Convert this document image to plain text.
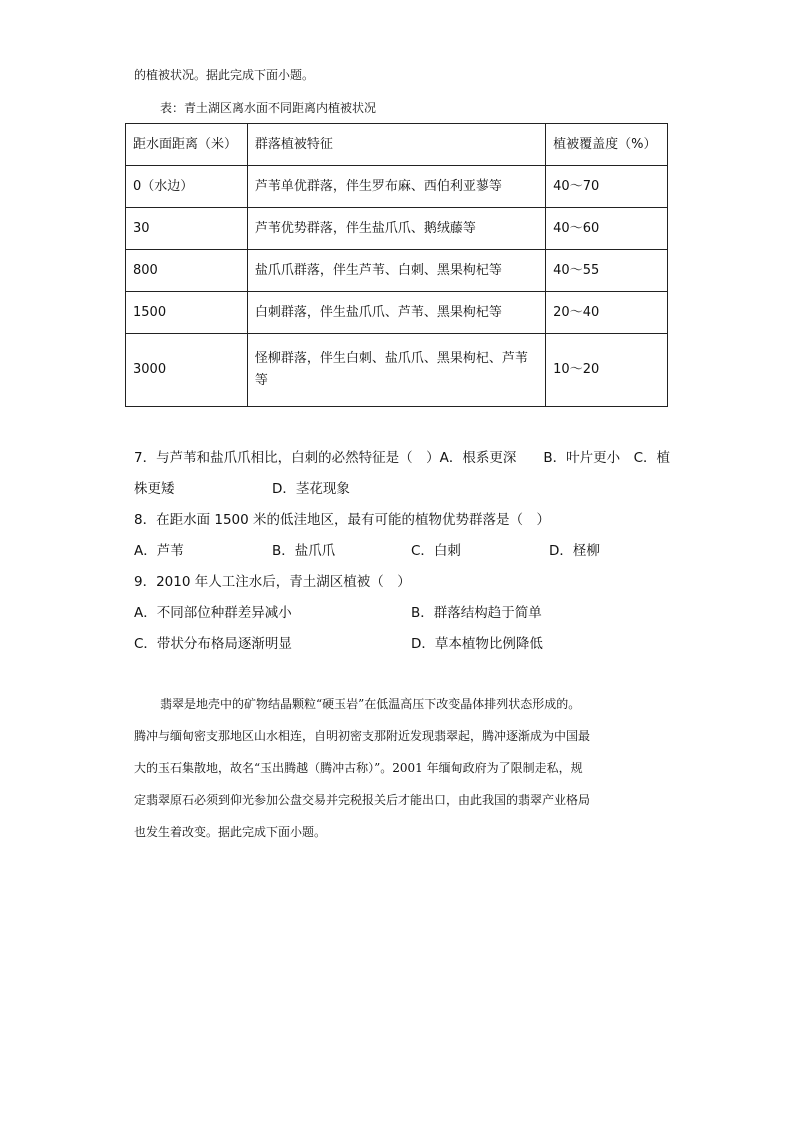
的植被状况。据此完成下面小题。
表：青土湖区离水面不同距离内植被状况
距水面距离（米）	群落植被特征	植被覆盖度（%）
0（水边）	芦苇单优群落，伴生罗布麻、西伯利亚蓼等	40～70
30	芦苇优势群落，伴生盐爪爪、鹅绒藤等	40～60
800	盐爪爪群落，伴生芦苇、白刺、黑果枸杞等	40～55
1500	白刺群落，伴生盐爪爪、芦苇、黑果枸杞等	20～40
3000	怪柳群落，伴生白刺、盐爪爪、黑果枸杞、芦苇等	10～20
7．与芦苇和盐爪爪相比，白刺的必然特征是（　）A．根系更深　　B．叶片更小　C．植
株更矮	D．茎花现象
8．在距水面 1500 米的低洼地区，最有可能的植物优势群落是（　）
A．芦苇	B．盐爪爪	C．白刺	D．柽柳
9．2010 年人工注水后，青土湖区植被（　）
A．不同部位种群差异减小	B．群落结构趋于简单
C．带状分布格局逐渐明显	D．草本植物比例降低
翡翠是地壳中的矿物结晶颗粒“硬玉岩”在低温高压下改变晶体排列状态形成的。
腾冲与缅甸密支那地区山水相连，自明初密支那附近发现翡翠起，腾冲逐渐成为中国最
大的玉石集散地，故名“玉出腾越（腾冲古称）”。2001 年缅甸政府为了限制走私，规
定翡翠原石必须到仰光参加公盘交易并完税报关后才能出口，由此我国的翡翠产业格局
也发生着改变。据此完成下面小题。
